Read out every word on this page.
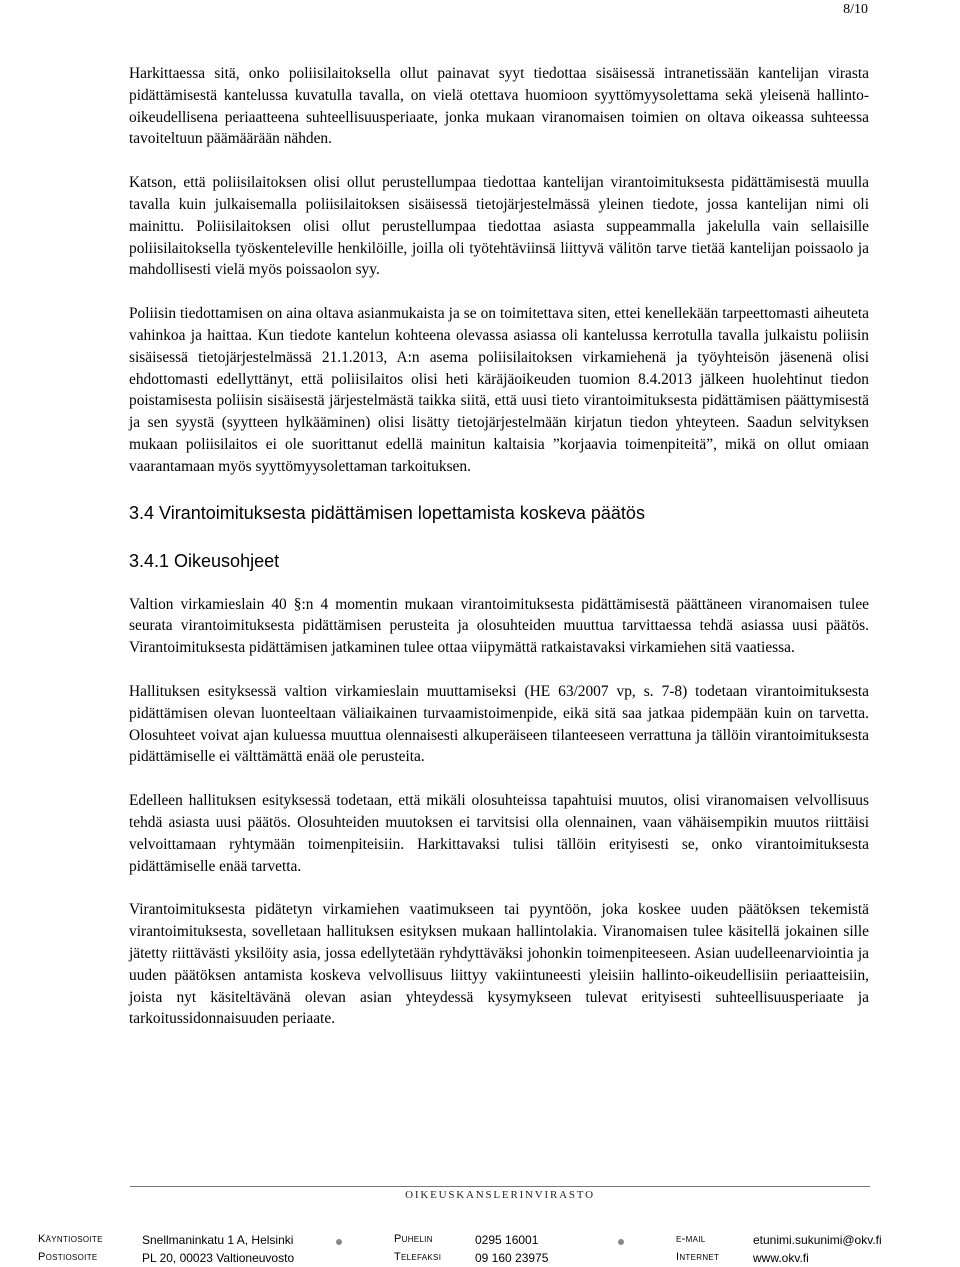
8/10

Harkittaessa sitä, onko poliisilaitoksella ollut painavat syyt tiedottaa sisäisessä intranetissään kantelijan virasta pidättämisestä kantelussa kuvatulla tavalla, on vielä otettava huomioon syyttömyysolettama sekä yleisenä hallinto-oikeudellisena periaatteena suhteellisuusperiaate, jonka mukaan viranomaisen toimien on oltava oikeassa suhteessa tavoiteltuun päämäärään nähden.

Katson, että poliisilaitoksen olisi ollut perustellumpaa tiedottaa kantelijan virantoimituksesta pidättämisestä muulla tavalla kuin julkaisemalla poliisilaitoksen sisäisessä tietojärjestelmässä yleinen tiedote, jossa kantelijan nimi oli mainittu. Poliisilaitoksen olisi ollut perustellumpaa tiedottaa asiasta suppeammalla jakelulla vain sellaisille poliisilaitoksella työskenteleville henkilöille, joilla oli työtehtäviinsä liittyvä välitön tarve tietää kantelijan poissaolo ja mahdollisesti vielä myös poissaolon syy.

Poliisin tiedottamisen on aina oltava asianmukaista ja se on toimitettava siten, ettei kenellekään tarpeettomasti aiheuteta vahinkoa ja haittaa. Kun tiedote kantelun kohteena olevassa asiassa oli kantelussa kerrotulla tavalla julkaistu poliisin sisäisessä tietojärjestelmässä 21.1.2013, A:n asema poliisilaitoksen virkamiehenä ja työyhteisön jäsenenä olisi ehdottomasti edellyttänyt, että poliisilaitos olisi heti käräjäoikeuden tuomion 8.4.2013 jälkeen huolehtinut tiedon poistamisesta poliisin sisäisestä järjestelmästä taikka siitä, että uusi tieto virantoimituksesta pidättämisen päättymisestä ja sen syystä (syytteen hylkääminen) olisi lisätty tietojärjestelmään kirjatun tiedon yhteyteen. Saadun selvityksen mukaan poliisilaitos ei ole suorittanut edellä mainitun kaltaisia ”korjaavia toimenpiteitä”, mikä on ollut omiaan vaarantamaan myös syyttömyysolettaman tarkoituksen.

3.4 Virantoimituksesta pidättämisen lopettamista koskeva päätös
3.4.1 Oikeusohjeet

Valtion virkamieslain 40 §:n 4 momentin mukaan virantoimituksesta pidättämisestä päättäneen viranomaisen tulee seurata virantoimituksesta pidättämisen perusteita ja olosuhteiden muuttua tarvittaessa tehdä asiassa uusi päätös. Virantoimituksesta pidättämisen jatkaminen tulee ottaa viipymättä ratkaistavaksi virkamiehen sitä vaatiessa.

Hallituksen esityksessä valtion virkamieslain muuttamiseksi (HE 63/2007 vp, s. 7-8) todetaan virantoimituksesta pidättämisen olevan luonteeltaan väliaikainen turvaamistoimenpide, eikä sitä saa jatkaa pidempään kuin on tarvetta. Olosuhteet voivat ajan kuluessa muuttua olennaisesti alkuperäiseen tilanteeseen verrattuna ja tällöin virantoimituksesta pidättämiselle ei välttämättä enää ole perusteita.

Edelleen hallituksen esityksessä todetaan, että mikäli olosuhteissa tapahtuisi muutos, olisi viranomaisen velvollisuus tehdä asiasta uusi päätös. Olosuhteiden muutoksen ei tarvitsisi olla olennainen, vaan vähäisempikin muutos riittäisi velvoittamaan ryhtymään toimenpiteisiin. Harkittavaksi tulisi tällöin erityisesti se, onko virantoimituksesta pidättämiselle enää tarvetta.

Virantoimituksesta pidätetyn virkamiehen vaatimukseen tai pyyntöön, joka koskee uuden päätöksen tekemistä virantoimituksesta, sovelletaan hallituksen esityksen mukaan hallintolakia. Viranomaisen tulee käsitellä jokainen sille jätetty riittävästi yksilöity asia, jossa edellytetään ryhdyttäväksi johonkin toimenpiteeseen. Asian uudelleenarviointia ja uuden päätöksen antamista koskeva velvollisuus liittyy vakiintuneesti yleisiin hallinto-oikeudellisiin periaatteisiin, joista nyt käsiteltävänä olevan asian yhteydessä kysymykseen tulevat erityisesti suhteellisuusperiaate ja tarkoitussidonnaisuuden periaate.

OIKEUSKANSLERINVIRASTO
Käyntiosoite	Snellmaninkatu 1 A, Helsinki	Puhelin	0295 16001	e-mail	etunimi.sukunimi@okv.fi
Postiosoite	PL 20, 00023 Valtioneuvosto	Telefaksi	09 160 23975	Internet	www.okv.fi
